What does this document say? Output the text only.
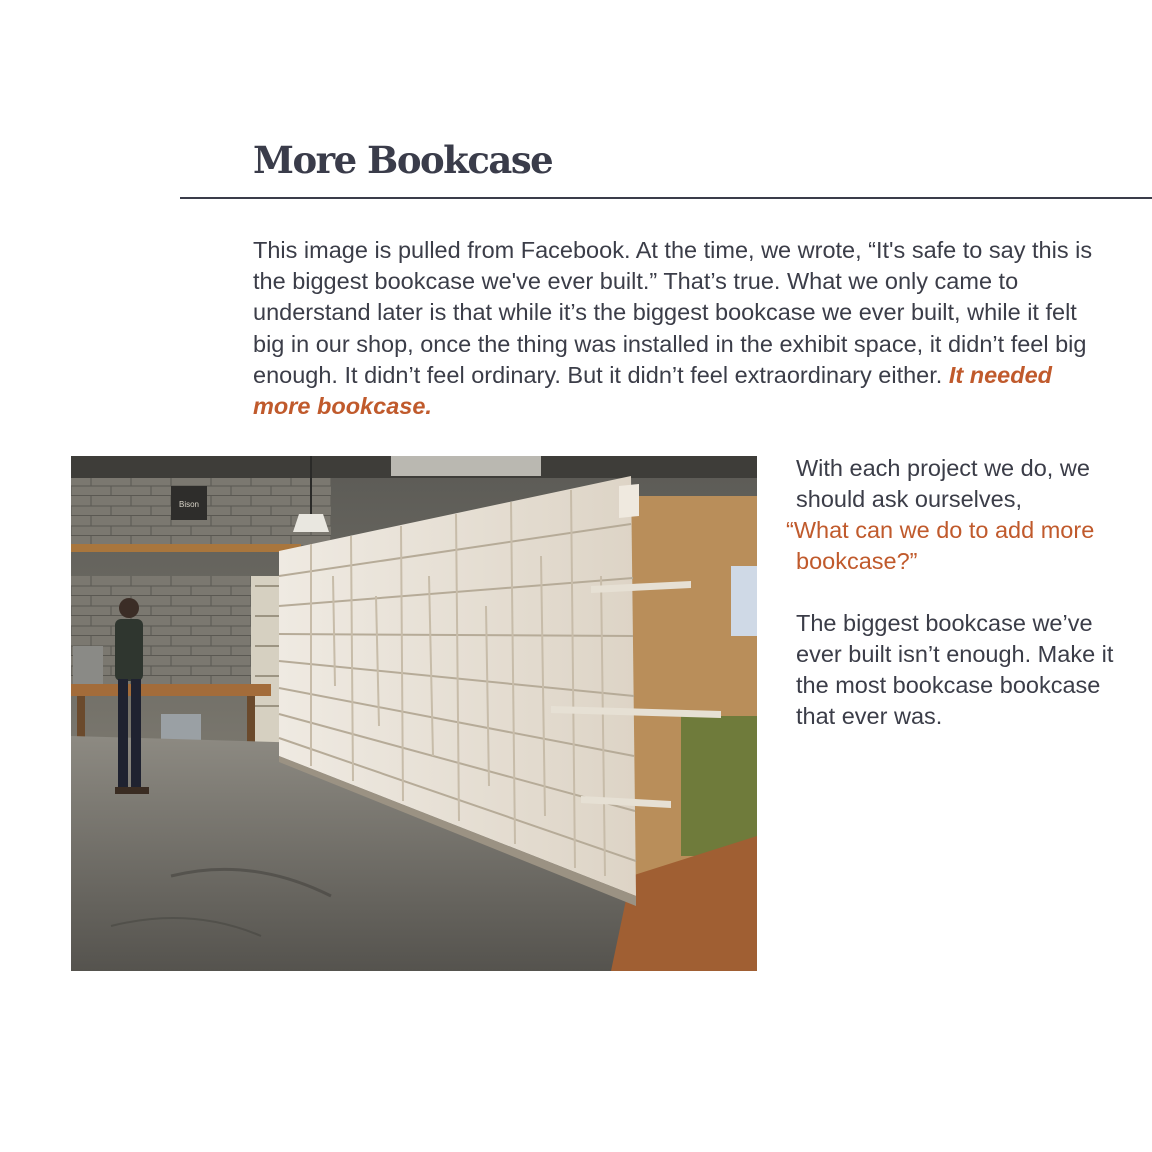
More Bookcase

This image is pulled from Facebook. At the time, we wrote, “It's safe to say this is the biggest bookcase we've ever built.” That’s true. What we only came to understand later is that while it’s the biggest bookcase we ever built, while it felt big in our shop, once the thing was installed in the exhibit space, it didn’t feel big enough. It didn’t feel ordinary. But it didn’t feel extraordinary either. It needed more bookcase.

Bison

With each project we do, we should ask ourselves,

“What can we do to add more bookcase?”

The biggest bookcase we’ve ever built isn’t enough. Make it the most bookcase bookcase that ever was.
